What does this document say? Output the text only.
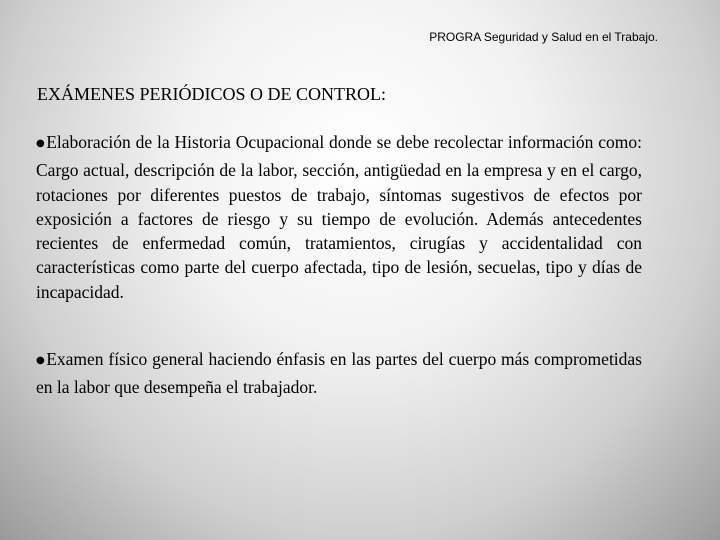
PROGRA Seguridad y Salud en el Trabajo.
EXÁMENES PERIÓDICOS O DE CONTROL:

●Elaboración de la Historia Ocupacional donde se debe recolectar información como: Cargo actual, descripción de la labor, sección, antigüedad en la empresa y en el cargo, rotaciones por diferentes puestos de trabajo, síntomas sugestivos de efectos por exposición a factores de riesgo y su tiempo de evolución. Además antecedentes recientes de enfermedad común, tratamientos, cirugías y accidentalidad con características como parte del cuerpo afectada, tipo de lesión, secuelas, tipo y días de incapacidad.

●Examen físico general haciendo énfasis en las partes del cuerpo más comprometidas en la labor que desempeña el trabajador.
